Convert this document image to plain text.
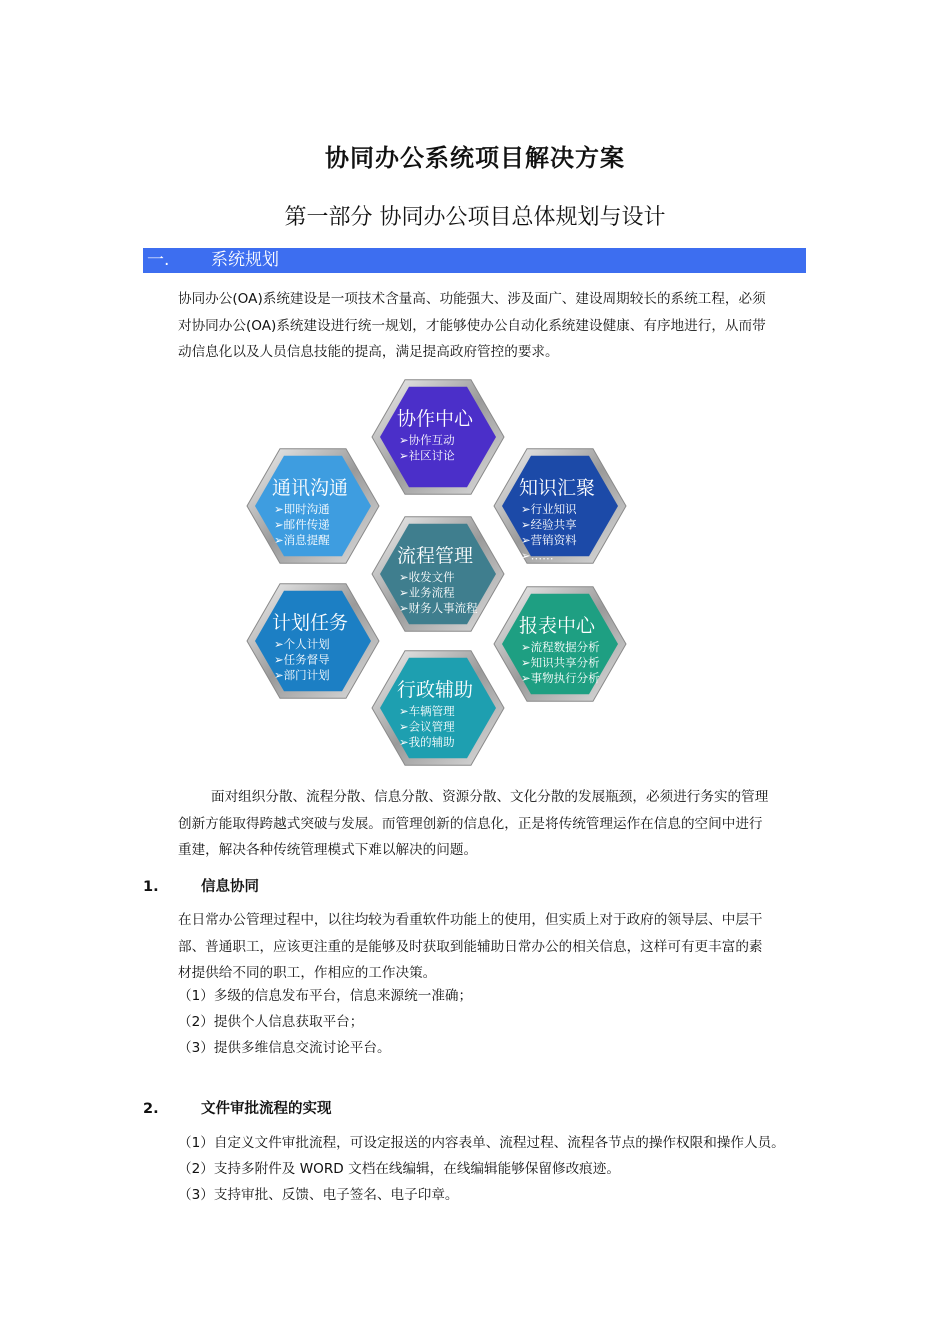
协同办公系统项目解决方案
第一部分 协同办公项目总体规划与设计
一. 系统规划

协同办公(OA)系统建设是一项技术含量高、功能强大、涉及面广、建设周期较长的系统工程，必须

对协同办公(OA)系统建设进行统一规划，才能够使办公自动化系统建设健康、有序地进行，从而带

动信息化以及人员信息技能的提高，满足提高政府管控的要求。

协作中心
➢协作互动
➢社区讨论
通讯沟通
➢即时沟通
➢邮件传递
➢消息提醒
知识汇聚
➢行业知识
➢经验共享
➢营销资料
➢……
流程管理
➢收发文件
➢业务流程
➢财务人事流程
计划任务
➢个人计划
➢任务督导
➢部门计划
报表中心
➢流程数据分析
➢知识共享分析
➢事物执行分析
行政辅助
➢车辆管理
➢会议管理
➢我的辅助

面对组织分散、流程分散、信息分散、资源分散、文化分散的发展瓶颈，必须进行务实的管理

创新方能取得跨越式突破与发展。而管理创新的信息化，正是将传统管理运作在信息的空间中进行

重建，解决各种传统管理模式下难以解决的问题。

1.	信息协同

在日常办公管理过程中，以往均较为看重软件功能上的使用，但实质上对于政府的领导层、中层干

部、普通职工，应该更注重的是能够及时获取到能辅助日常办公的相关信息，这样可有更丰富的素

材提供给不同的职工，作相应的工作决策。

（1）多级的信息发布平台，信息来源统一准确；
（2）提供个人信息获取平台；
（3）提供多维信息交流讨论平台。
2.	文件审批流程的实现
（1）自定义文件审批流程，可设定报送的内容表单、流程过程、流程各节点的操作权限和操作人员。
（2）支持多附件及 WORD 文档在线编辑，在线编辑能够保留修改痕迹。
（3）支持审批、反馈、电子签名、电子印章。
